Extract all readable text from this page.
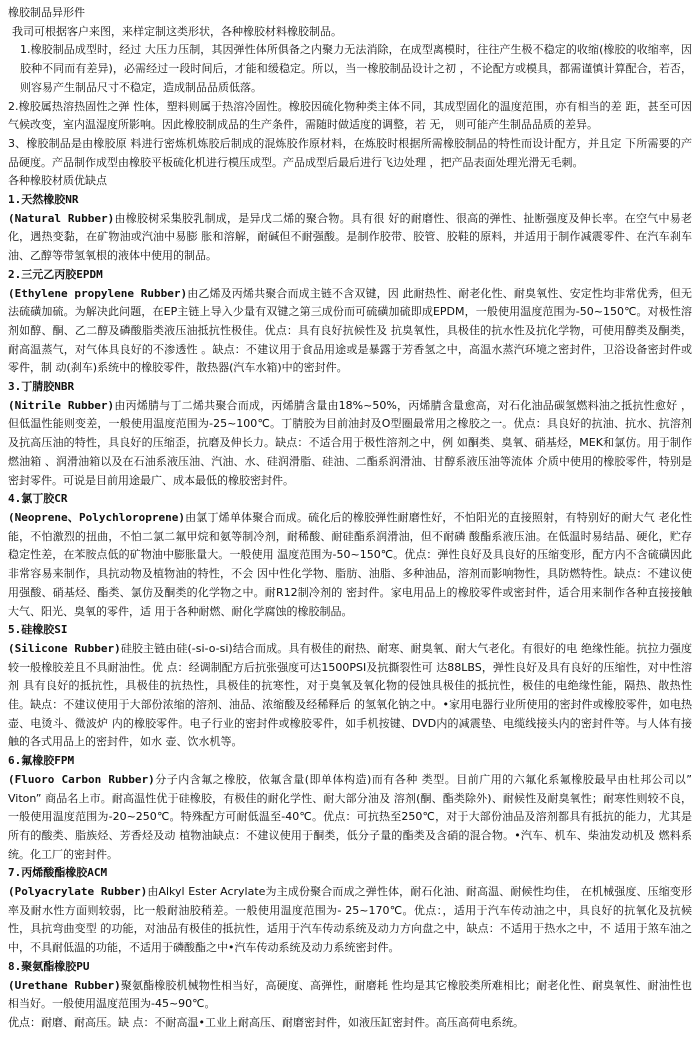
橡胶制品异形件

我司可根据客户来图，来样定制这类形状，各种橡胶材料橡胶制品。

1.橡胶制品成型时，经过 大压力压制，其因弹性体所俱备之内聚力无法消除，在成型离模时，往往产生极不稳定的收缩(橡胶的收缩率，因胶种不同而有差异)，必需经过一段时间后，才能和缓稳定。所以，当一橡胶制品设计之初 ，不论配方或模具，都需谨慎计算配合，若否，则容易产生制品尺寸不稳定，造成制品品质低落。

2.橡胶属热溶热固性之弹 性体，塑料则属于热溶冷固性。橡胶因硫化物种类主体不同，其成型固化的温度范围，亦有相当的差 距，甚至可因气候改变，室内温湿度所影响。因此橡胶制成品的生产条件，需随时做适度的调整，若 无， 则可能产生制品品质的差异。

3、橡胶制品是由橡胶原 料进行密炼机炼胶后制成的混炼胶作原材料，在炼胶时根据所需橡胶制品的特性而设计配方，并且定 下所需要的产品硬度。产品制作成型由橡胶平板硫化机进行模压成型。产品成型后最后进行飞边处理 ，把产品表面处理光滑无毛刺。

各种橡胶材质优缺点

1.天然橡胶NR

(Natural Rubber)由橡胶树采集胶乳制成，是异戊二烯的聚合物。具有很 好的耐磨性、很高的弹性、扯断强度及伸长率。在空气中易老化，遇热变黏，在矿物油或汽油中易膨 胀和溶解，耐碱但不耐强酸。是制作胶带、胶管、胶鞋的原料，并适用于制作减震零件、在汽车刹车 油、乙醇等带氢氧根的液体中使用的制品。

2.三元乙丙胶EPDM

(Ethylene propylene Rubber)由乙烯及丙烯共聚合而成主链不含双键，因 此耐热性、耐老化性、耐臭氧性、安定性均非常优秀，但无法硫磺加硫。为解决此问题，在EP主链上导入少量有双键之第三成份而可硫磺加硫即成EPDM，一般使用温度范围为-50~150℃。对极性溶剂如醇、酮、乙二醇及磷酸脂类液压油抵抗性极佳。优点：具有良好抗候性及 抗臭氧性，具极佳的抗水性及抗化学物，可使用醇类及酮类，耐高温蒸气，对气体具良好的不渗透性 。缺点：不建议用于食品用途或是暴露于芳香氢之中，高温水蒸汽环境之密封件，卫浴设备密封件或零件，制 动(刹车)系统中的橡胶零件，散热器(汽车水箱)中的密封件。

3.丁腈胶NBR

(Nitrile Rubber)由丙烯腈与丁二烯共聚合而成，丙烯腈含量由18%~50%，丙烯腈含量愈高，对石化油品碳氢燃料油之抵抗性愈好 ，但低温性能则变差，一般使用温度范围为-25~100℃。丁腈胶为目前油封及O型圈最常用之橡胶之一。优点：具良好的抗油、抗水、抗溶剂及抗高压油的特性，具良好的压缩歪，抗磨及伸长力。缺点：不适合用于极性溶剂之中，例 如酮类、臭氧、硝基烃，MEK和氯仿。用于制作燃油箱 、润滑油箱以及在石油系液压油、汽油、水、硅润滑脂、硅油、二酯系润滑油、甘醇系液压油等流体 介质中使用的橡胶零件，特别是密封零件。可说是目前用途最广、成本最低的橡胶密封件。

4.氯丁胶CR

(Neoprene、Polychloroprene)由氯丁烯单体聚合而成。硫化后的橡胶弹性耐磨性好，不怕阳光的直接照射，有特别好的耐大气 老化性能，不怕激烈的扭曲，不怕二氯二氟甲烷和氨等制冷剂，耐稀酸、耐硅酯系润滑油，但不耐磷 酸酯系液压油。在低温时易结晶、硬化，贮存稳定性差，在苯胺点低的矿物油中膨胀量大。一般使用 温度范围为-50~150℃。优点：弹性良好及具良好的压缩变形，配方内不含硫磺因此非常容易来制作，具抗动物及植物油的特性，不会 因中性化学物、脂肪、油脂、多种油品，溶剂而影响物性，具防燃特性。缺点：不建议使用强酸、硝基烃、酯类、氯仿及酮类的化学物之中。耐R12制冷剂的 密封件。家电用品上的橡胶零件或密封件，适合用来制作各种直接接触大气、阳光、臭氧的零件，适 用于各种耐燃、耐化学腐蚀的橡胶制品。

5.硅橡胶SI

(Silicone Rubber)硅胶主链由硅(-si-o-si)结合而成。具有极佳的耐热、耐寒、耐臭氧、耐大气老化。有很好的电 绝缘性能。抗拉力强度较一般橡胶差且不具耐油性。优 点：经调制配方后抗张强度可达1500PSI及抗撕裂性可 达88LBS，弹性良好及具有良好的压缩性，对中性溶剂 具有良好的抵抗性，具极佳的抗热性，具极佳的抗寒性，对于臭氧及氧化物的侵蚀具极佳的抵抗性，极佳的电绝缘性能，隔热、散热性佳。缺点：不建议使用于大部份浓缩的溶剂、油品、浓缩酸及经稀释后 的氢氧化钠之中。•家用电器行业所使用的密封件或橡胶零件，如电热壶、电烫斗、微波炉 内的橡胶零件。电子行业的密封件或橡胶零件，如手机按键、DVD内的减震垫、电缆线接头内的密封件等。与人体有接触的各式用品上的密封件，如水 壶、饮水机等。

6.氟橡胶FPM

(Fluoro Carbon Rubber)分子内含氟之橡胶，依氟含量(即单体构造)而有各种 类型。目前广用的六氟化系氟橡胶最早由杜邦公司以” Viton” 商品名上市。耐高温性优于硅橡胶，有极佳的耐化学性、耐大部分油及 溶剂(酮、酯类除外)、耐候性及耐臭氧性；耐寒性则较不良，一般使用温度范围为-20~250℃。特殊配方可耐低温至-40℃。优点：可抗热至250℃，对于大部份油品及溶剂都具有抵抗的能力，尤其是所有的酸类、脂族烃、芳香烃及动 植物油缺点：不建议使用于酮类，低分子量的酯类及含硝的混合物。•汽车、机车、柴油发动机及 燃料系统。化工厂的密封件。

7.丙烯酸酯橡胶ACM

(Polyacrylate Rubber)由Alkyl Ester Acrylate为主成份聚合而成之弹性体，耐石化油、耐高温、耐候性均佳， 在机械强度、压缩变形率及耐水性方面则较弱，比一般耐油胶稍差。一般使用温度范围为- 25~170℃。优点：，适用于汽车传动油之中，具良好的抗氧化及抗候性，具抗弯曲变型 的功能，对油品有极佳的抵抗性，适用于汽车传动系统及动力方向盘之中，缺点：不适用于热水之中，不 适用于煞车油之中，不具耐低温的功能，不适用于磷酸酯之中•汽车传动系统及动力系统密封件。

8.聚氨酯橡胶PU

(Urethane Rubber)聚氨酯橡胶机械物性相当好，高硬度、高弹性，耐磨耗 性均是其它橡胶类所难相比；耐老化性、耐臭氧性、耐油性也相当好。一般使用温度范围为-45~90℃。

优点：耐磨、耐高压。缺 点：不耐高温•工业上耐高压、耐磨密封件，如液压缸密封件。高压高荷电系统。
